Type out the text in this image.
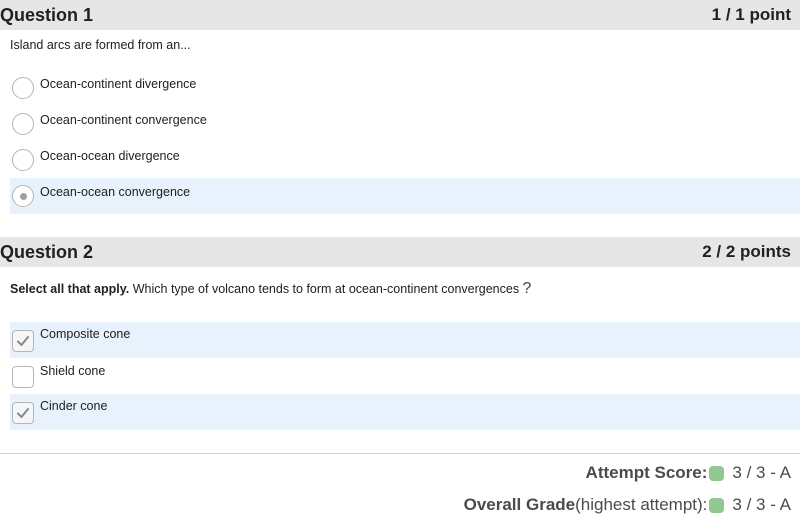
Question 1	1 / 1 point
Island arcs are formed from an...
Ocean-continent divergence
Ocean-continent convergence
Ocean-ocean divergence
Ocean-ocean convergence
Question 2	2 / 2 points
Select all that apply. Which type of volcano tends to form at ocean-continent convergences ?
Composite cone
Shield cone
Cinder cone
Attempt Score: 3 / 3 - A
Overall Grade (highest attempt): 3 / 3 - A
